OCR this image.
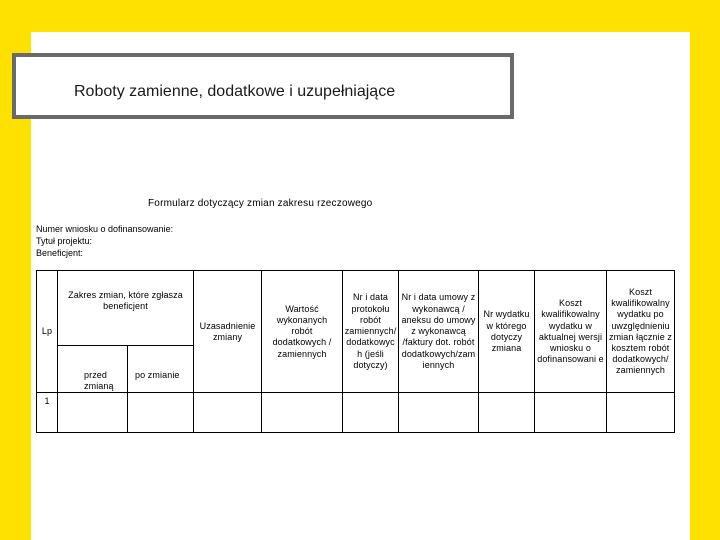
Roboty zamienne, dodatkowe i uzupełniające
Formularz dotyczący zmian zakresu rzeczowego
Numer wniosku o dofinansowanie:
Tytuł projektu:
Beneficjent:
Lp	Zakres zmian, które zgłasza beneficjent		Uzasadnienie zmiany	Wartość wykonanych robót dodatkowych / zamiennych	Nr i data protokołu robót zamiennych/ dodatkowyc h (jeśli dotyczy)	Nr i data umowy z wykonawcą / aneksu do umowy z wykonawcą /faktury dot. robót dodatkowych/zam iennych	Nr wydatku w którego dotyczy zmiana	Koszt kwalifikowalny wydatku w aktualnej wersji wniosku o dofinansowani e	Koszt kwalifikowalny wydatku po uwzględnieniu zmian łącznie z kosztem robót dodatkowych/ zamiennych
	przed zmianą	po zmianie							
1									
